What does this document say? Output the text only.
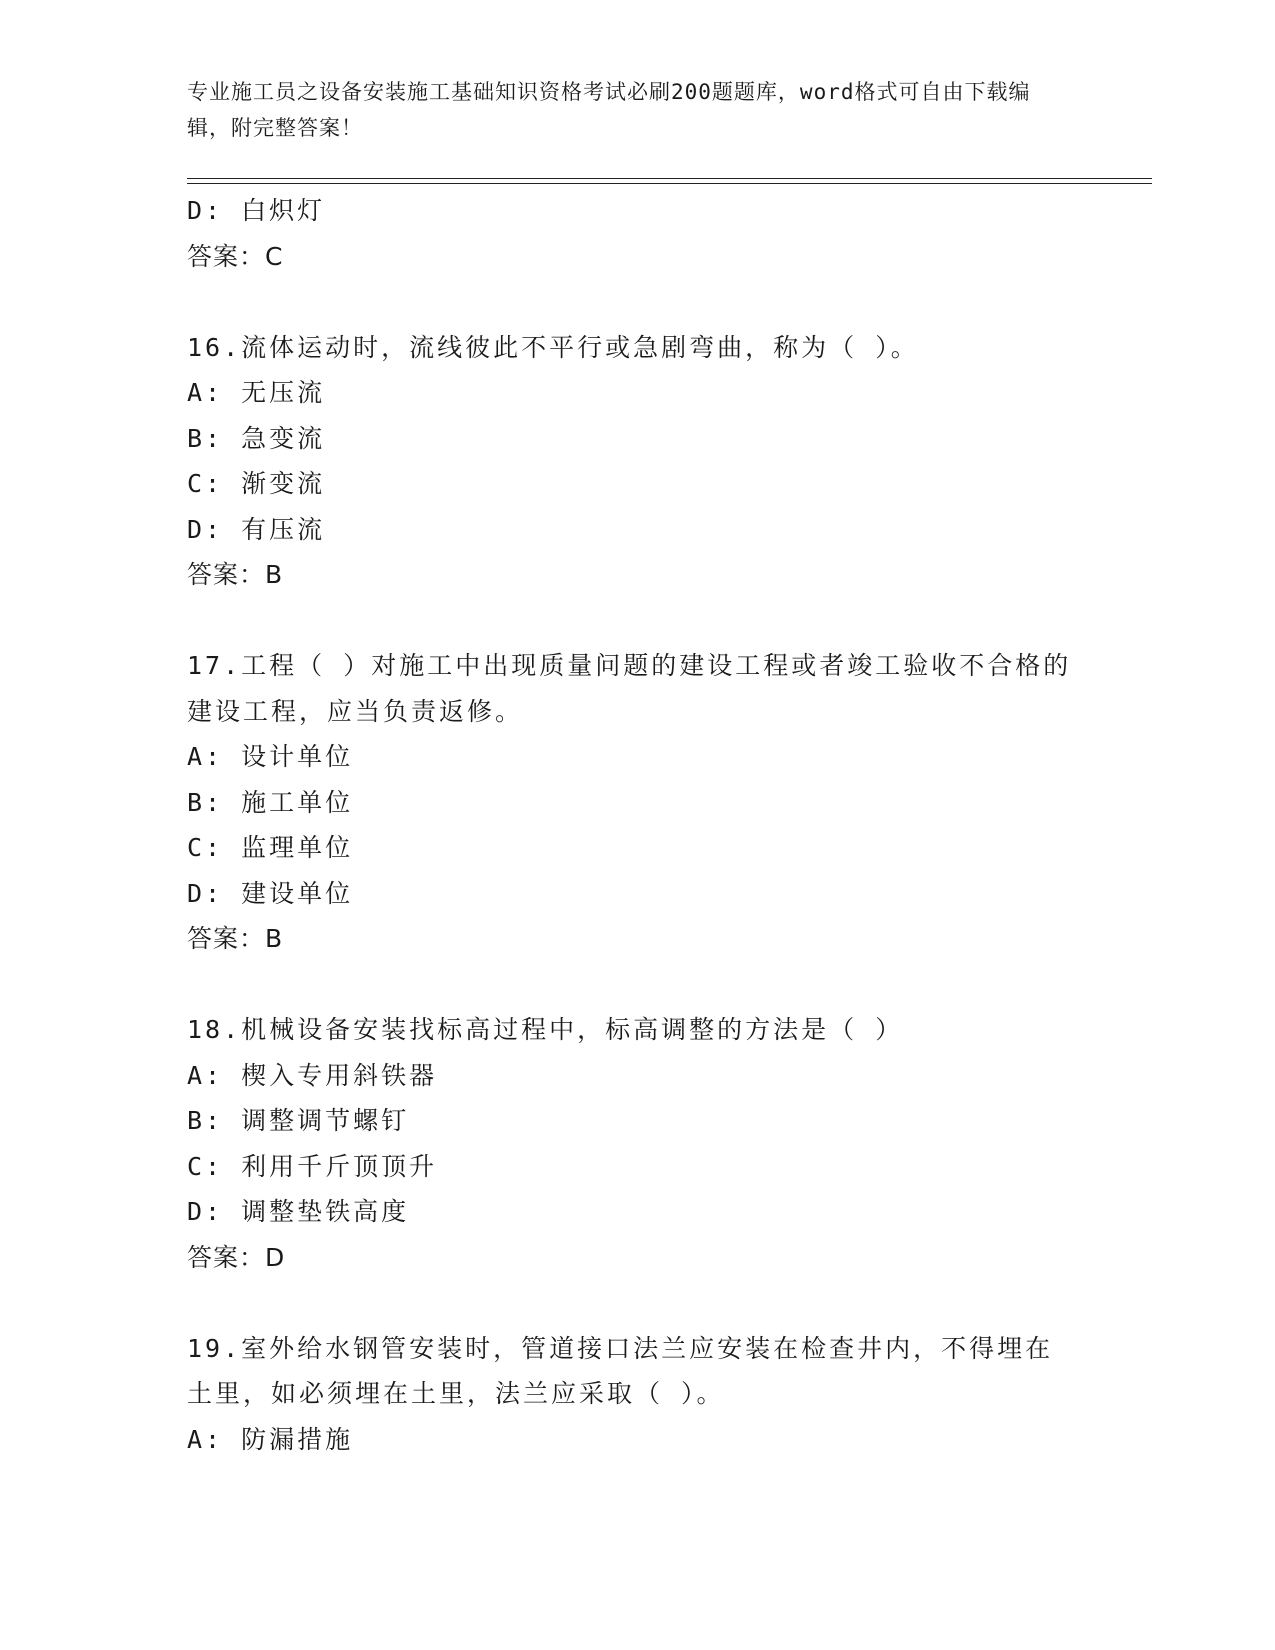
专业施工员之设备安装施工基础知识资格考试必刷200题题库，word格式可自由下载编辑，附完整答案！
D: 白炽灯
答案：C
16.流体运动时，流线彼此不平行或急剧弯曲，称为（ ）。
A: 无压流
B: 急变流
C: 渐变流
D: 有压流
答案：B
17.工程（ ）对施工中出现质量问题的建设工程或者竣工验收不合格的建设工程，应当负责返修。
A: 设计单位
B: 施工单位
C: 监理单位
D: 建设单位
答案：B
18.机械设备安装找标高过程中，标高调整的方法是（ ）
A: 楔入专用斜铁器
B: 调整调节螺钉
C: 利用千斤顶顶升
D: 调整垫铁高度
答案：D
19.室外给水钢管安装时，管道接口法兰应安装在检查井内，不得埋在土里，如必须埋在土里，法兰应采取（ ）。
A: 防漏措施
